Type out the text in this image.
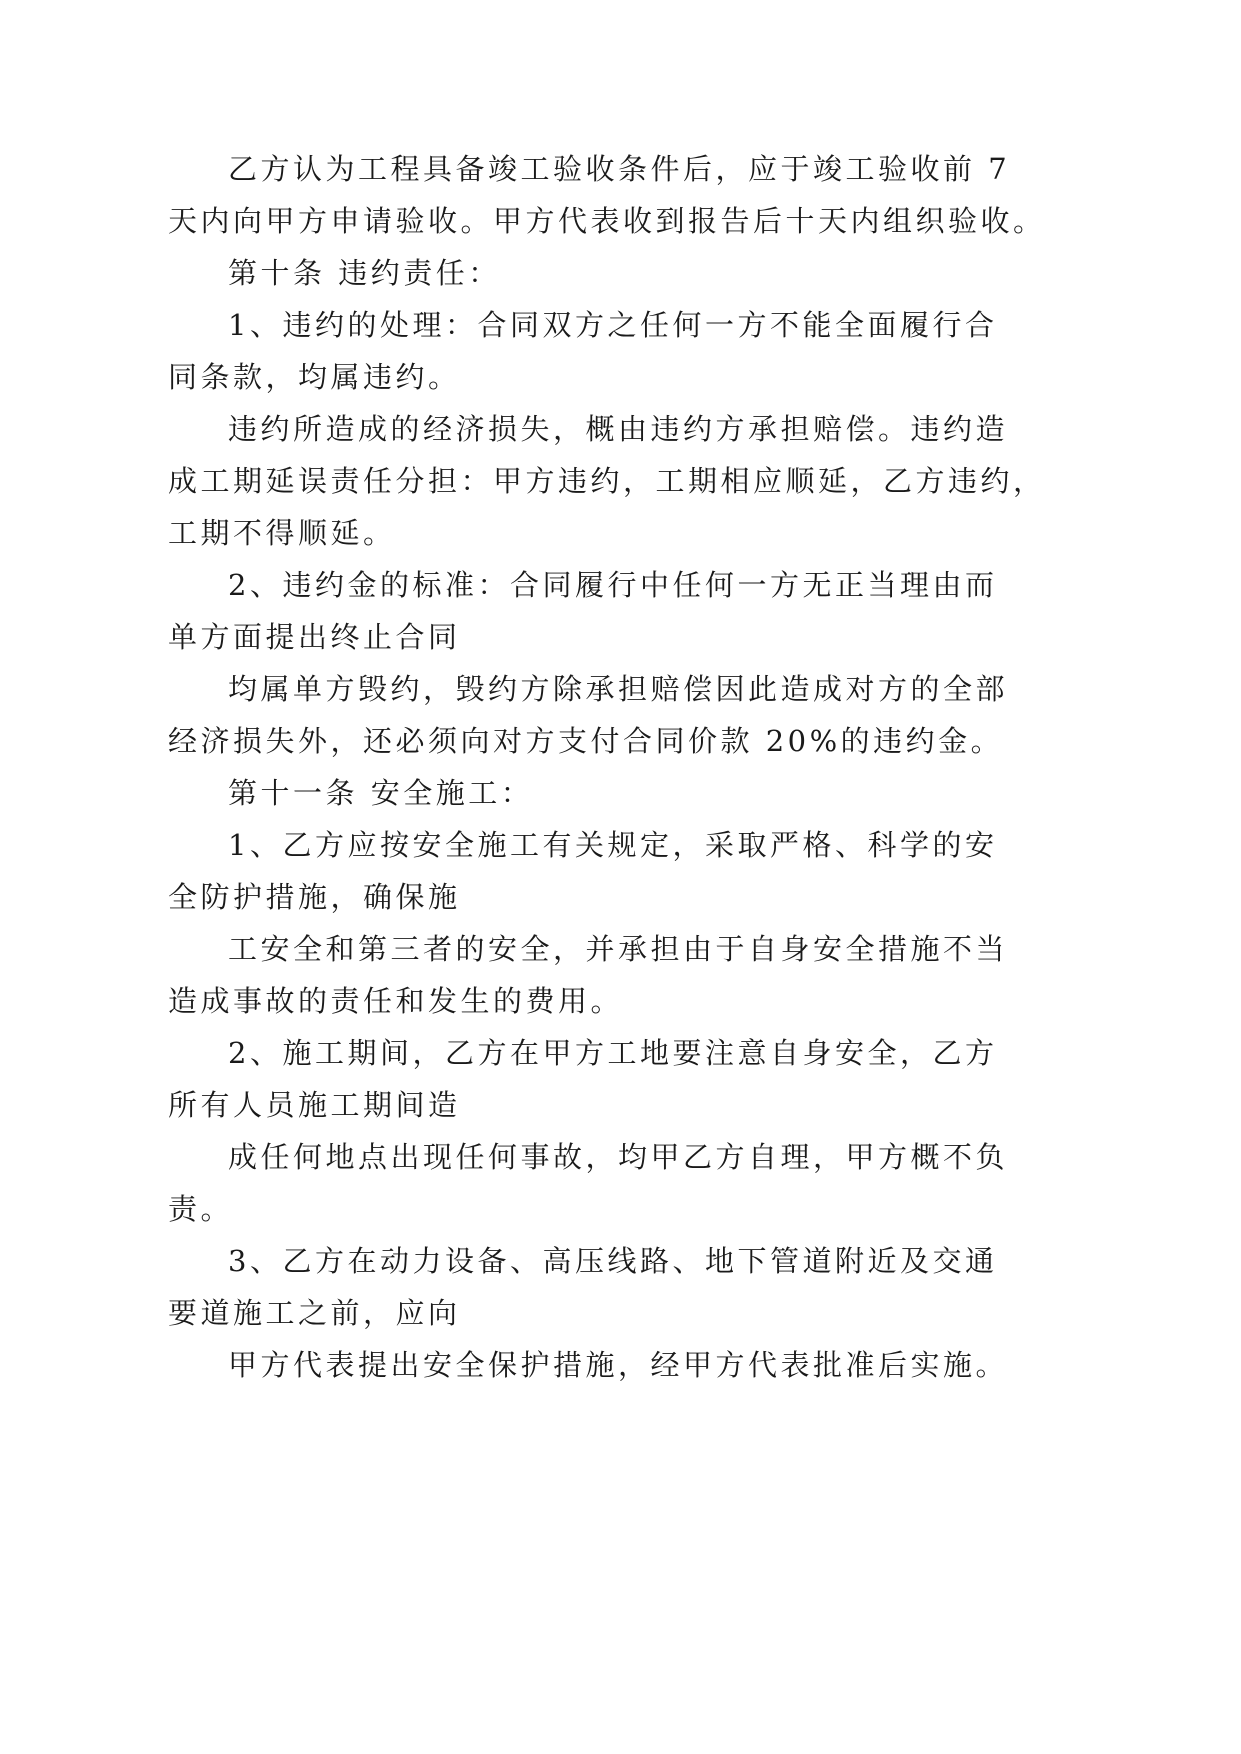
乙方认为工程具备竣工验收条件后，应于竣工验收前 7
天内向甲方申请验收。甲方代表收到报告后十天内组织验收。
第十条 违约责任：
1、违约的处理：合同双方之任何一方不能全面履行合
同条款，均属违约。
违约所造成的经济损失，概由违约方承担赔偿。违约造
成工期延误责任分担：甲方违约，工期相应顺延，乙方违约，
工期不得顺延。
2、违约金的标准：合同履行中任何一方无正当理由而
单方面提出终止合同
均属单方毁约，毁约方除承担赔偿因此造成对方的全部
经济损失外，还必须向对方支付合同价款 20%的违约金。
第十一条 安全施工：
1、乙方应按安全施工有关规定，采取严格、科学的安
全防护措施，确保施
工安全和第三者的安全，并承担由于自身安全措施不当
造成事故的责任和发生的费用。
2、施工期间，乙方在甲方工地要注意自身安全，乙方
所有人员施工期间造
成任何地点出现任何事故，均甲乙方自理，甲方概不负
责。
3、乙方在动力设备、高压线路、地下管道附近及交通
要道施工之前，应向
甲方代表提出安全保护措施，经甲方代表批准后实施。
